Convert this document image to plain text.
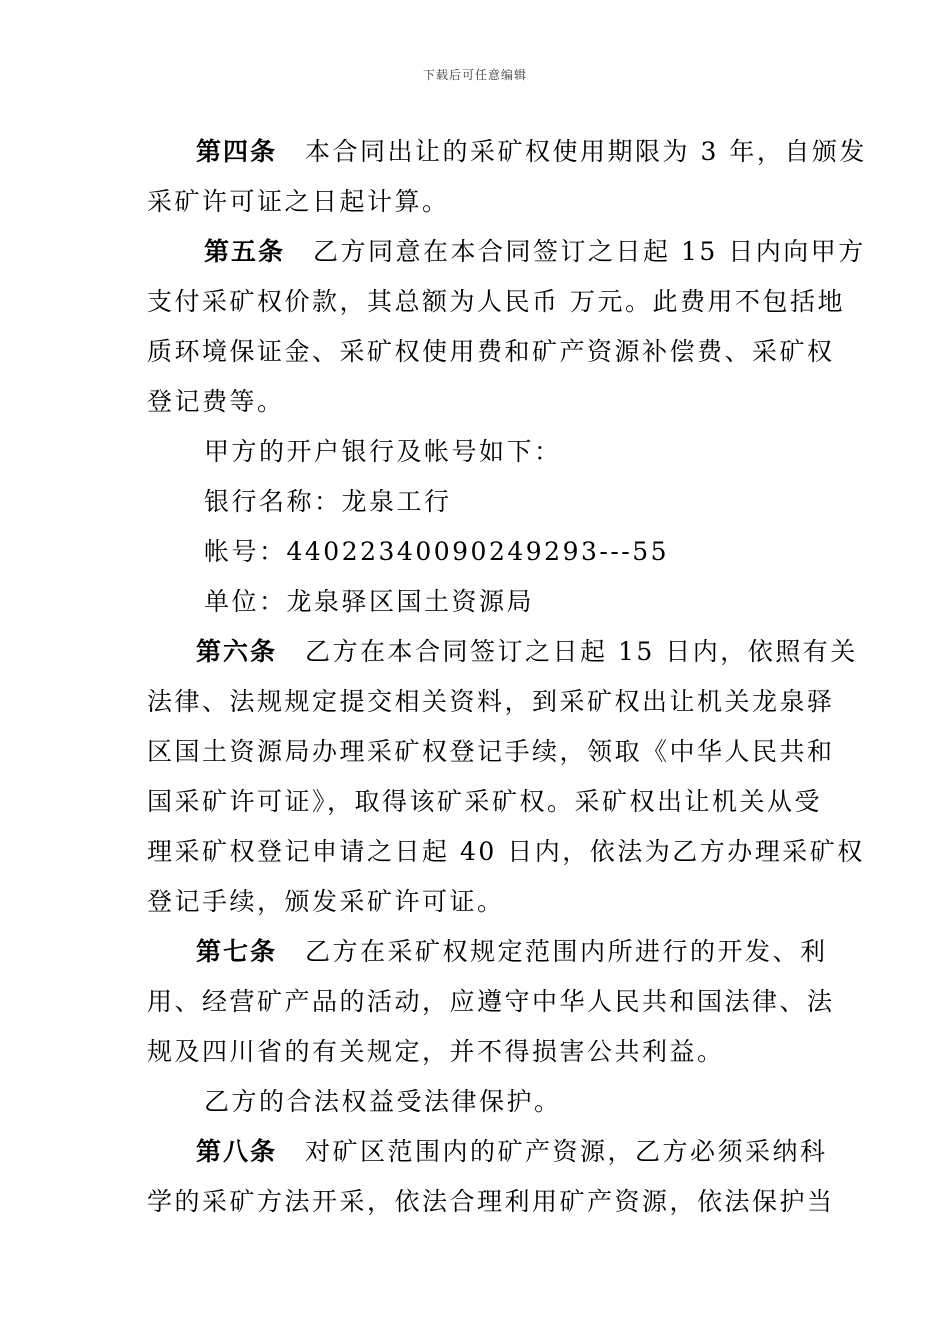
下载后可任意编辑
第四条 本合同出让的采矿权使用期限为 3 年，自颁发
采矿许可证之日起计算。
第五条 乙方同意在本合同签订之日起 15 日内向甲方
支付采矿权价款，其总额为人民币 万元。此费用不包括地
质环境保证金、采矿权使用费和矿产资源补偿费、采矿权
登记费等。
甲方的开户银行及帐号如下：
银行名称：龙泉工行
帐号：44022340090249293---55
单位：龙泉驿区国土资源局
第六条 乙方在本合同签订之日起 15 日内，依照有关
法律、法规规定提交相关资料，到采矿权出让机关龙泉驿
区国土资源局办理采矿权登记手续，领取《中华人民共和
国采矿许可证》，取得该矿采矿权。采矿权出让机关从受
理采矿权登记申请之日起 40 日内，依法为乙方办理采矿权
登记手续，颁发采矿许可证。
第七条 乙方在采矿权规定范围内所进行的开发、利
用、经营矿产品的活动，应遵守中华人民共和国法律、法
规及四川省的有关规定，并不得损害公共利益。
乙方的合法权益受法律保护。
第八条 对矿区范围内的矿产资源，乙方必须采纳科
学的采矿方法开采，依法合理利用矿产资源，依法保护当
